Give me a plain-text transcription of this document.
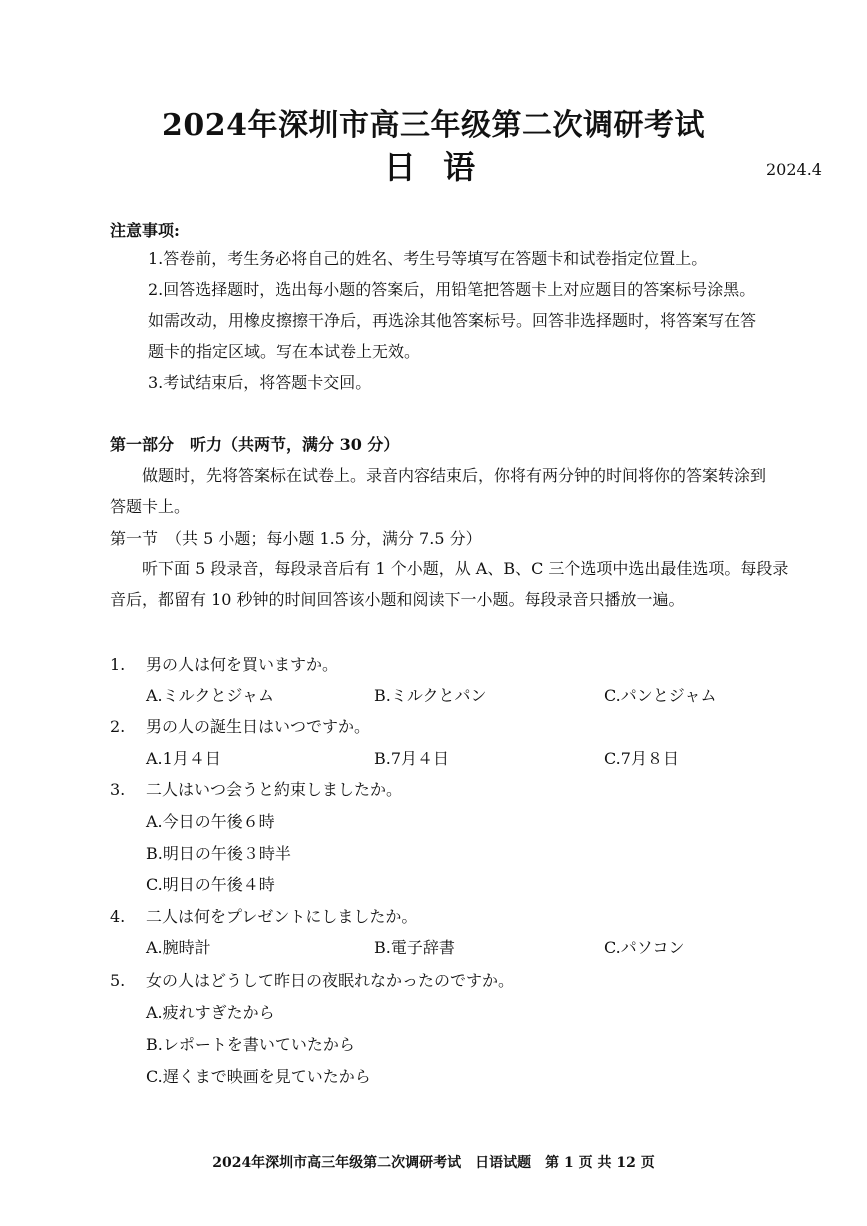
2024年深圳市高三年级第二次调研考试
日 语	2024.4
注意事项:
1.答卷前，考生务必将自己的姓名、考生号等填写在答题卡和试卷指定位置上。
2.回答选择题时，选出每小题的答案后，用铅笔把答题卡上对应题目的答案标号涂黑。
如需改动，用橡皮擦擦干净后，再选涂其他答案标号。回答非选择题时，将答案写在答
题卡的指定区域。写在本试卷上无效。
3.考试结束后，将答题卡交回。
第一部分　听力（共两节，满分 30 分）
做题时，先将答案标在试卷上。录音内容结束后，你将有两分钟的时间将你的答案转涂到
答题卡上。
第一节　（共 5 小题；每小题 1.5 分，满分 7.5 分）
听下面 5 段录音，每段录音后有 1 个小题，从 A、B、C 三个选项中选出最佳选项。每段录
音后，都留有 10 秒钟的时间回答该小题和阅读下一小题。每段录音只播放一遍。
1. 男の人は何を買いますか。
A.ミルクとジャム	B.ミルクとパン	C.パンとジャム
2. 男の人の誕生日はいつですか。
A.1月４日	B.7月４日	C.7月８日
3. 二人はいつ会うと約束しましたか。
A.今日の午後６時
B.明日の午後３時半
C.明日の午後４時
4. 二人は何をプレゼントにしましたか。
A.腕時計	B.電子辞書	C.パソコン
5. 女の人はどうして昨日の夜眠れなかったのですか。
A.疲れすぎたから
B.レポートを書いていたから
C.遅くまで映画を見ていたから
2024年深圳市高三年级第二次调研考试　日语试题　第 1 页 共 12 页
